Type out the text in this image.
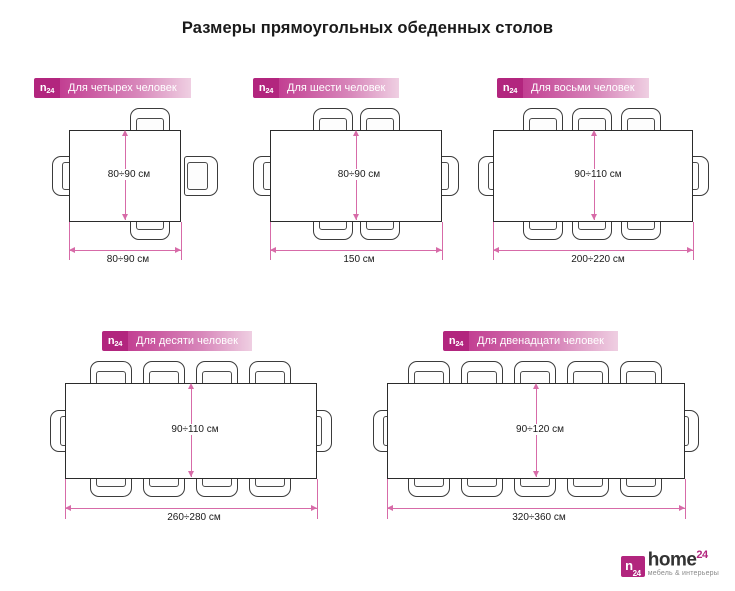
Размеры прямоугольных обеденных столов
$n_{24}$	Для четырех человек
80÷90 см
80÷90 см
$n_{24}$	Для шести человек
80÷90 см
150 см
$n_{24}$	Для восьми человек
90÷110 см
200÷220 см
$n_{24}$	Для десяти человек
90÷110 см
260÷280 см
$n_{24}$	Для двенадцати человек
90÷120 см
320÷360 см
$n_{24}$
home$^{24}$
мебель & интерьеры
